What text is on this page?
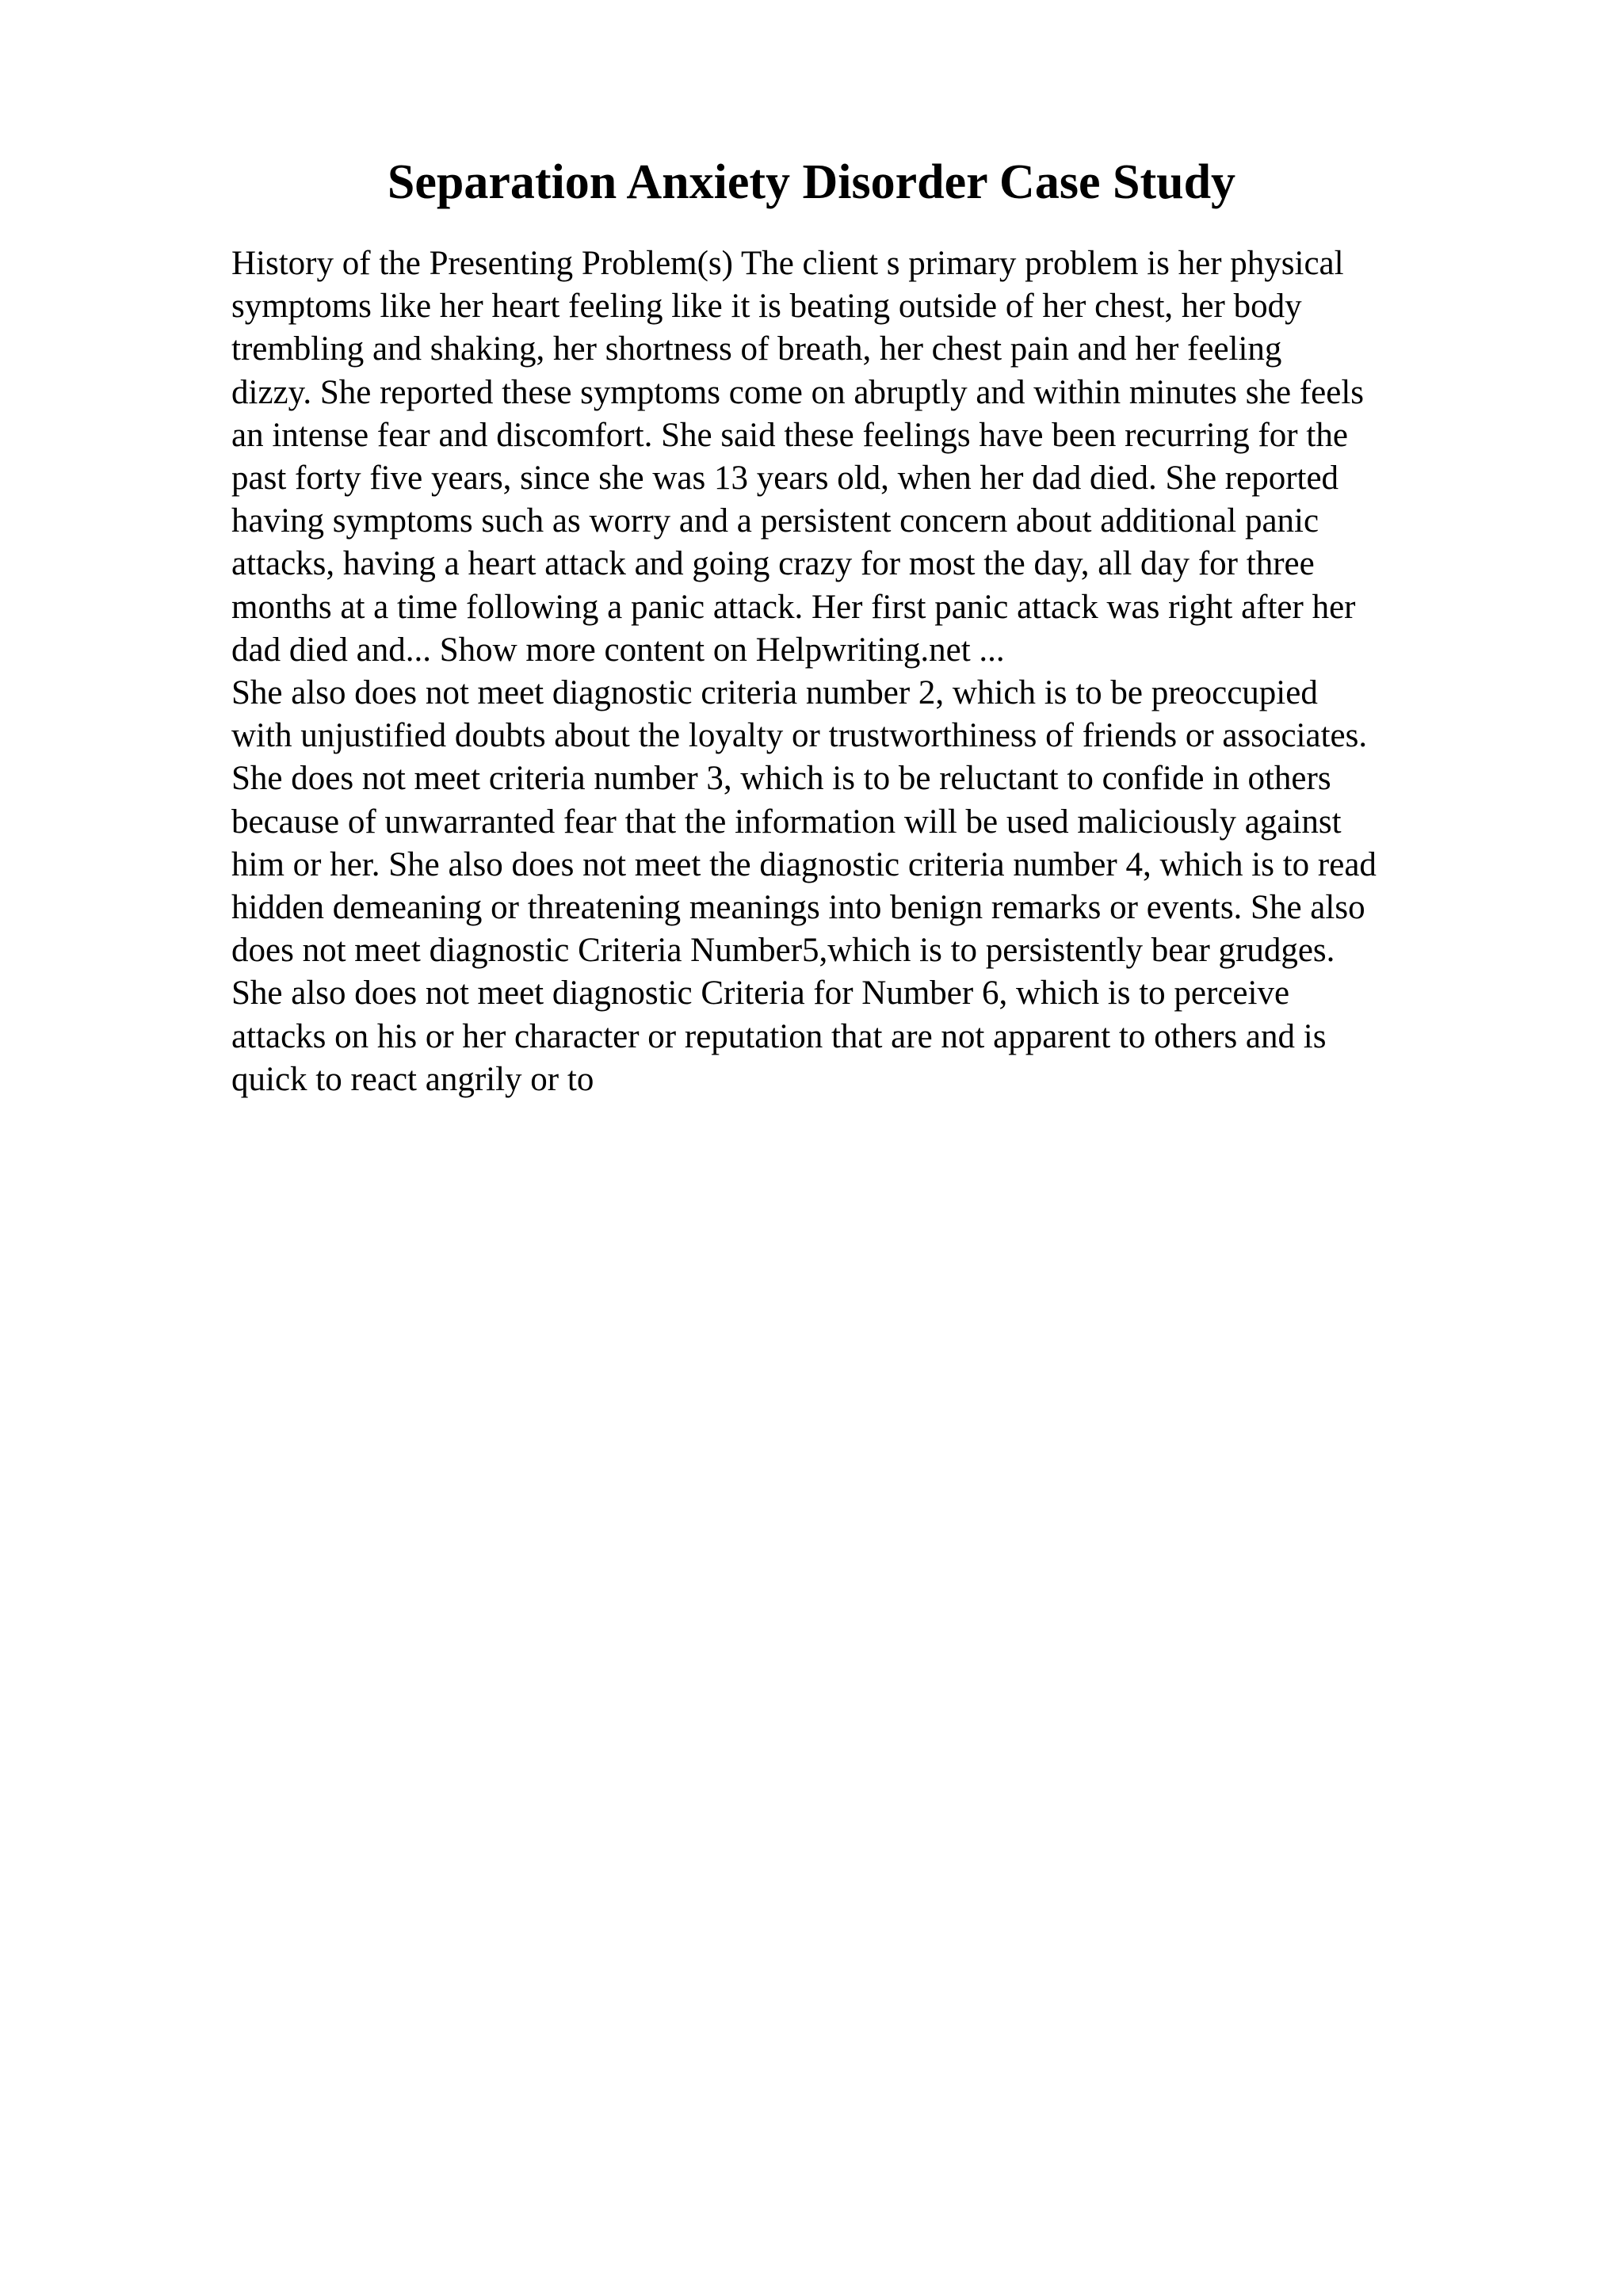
Separation Anxiety Disorder Case Study
History of the Presenting Problem(s) The client s primary problem is her physical
symptoms like her heart feeling like it is beating outside of her chest, her body
trembling and shaking, her shortness of breath, her chest pain and her feeling
dizzy. She reported these symptoms come on abruptly and within minutes she feels
an intense fear and discomfort. She said these feelings have been recurring for the
past forty five years, since she was 13 years old, when her dad died. She reported
having symptoms such as worry and a persistent concern about additional panic
attacks, having a heart attack and going crazy for most the day, all day for three
months at a time following a panic attack. Her first panic attack was right after her
dad died and... Show more content on Helpwriting.net ...
She also does not meet diagnostic criteria number 2, which is to be preoccupied
with unjustified doubts about the loyalty or trustworthiness of friends or associates.
She does not meet criteria number 3, which is to be reluctant to confide in others
because of unwarranted fear that the information will be used maliciously against
him or her. She also does not meet the diagnostic criteria number 4, which is to read
hidden demeaning or threatening meanings into benign remarks or events. She also
does not meet diagnostic Criteria Number5,which is to persistently bear grudges.
She also does not meet diagnostic Criteria for Number 6, which is to perceive
attacks on his or her character or reputation that are not apparent to others and is
quick to react angrily or to
